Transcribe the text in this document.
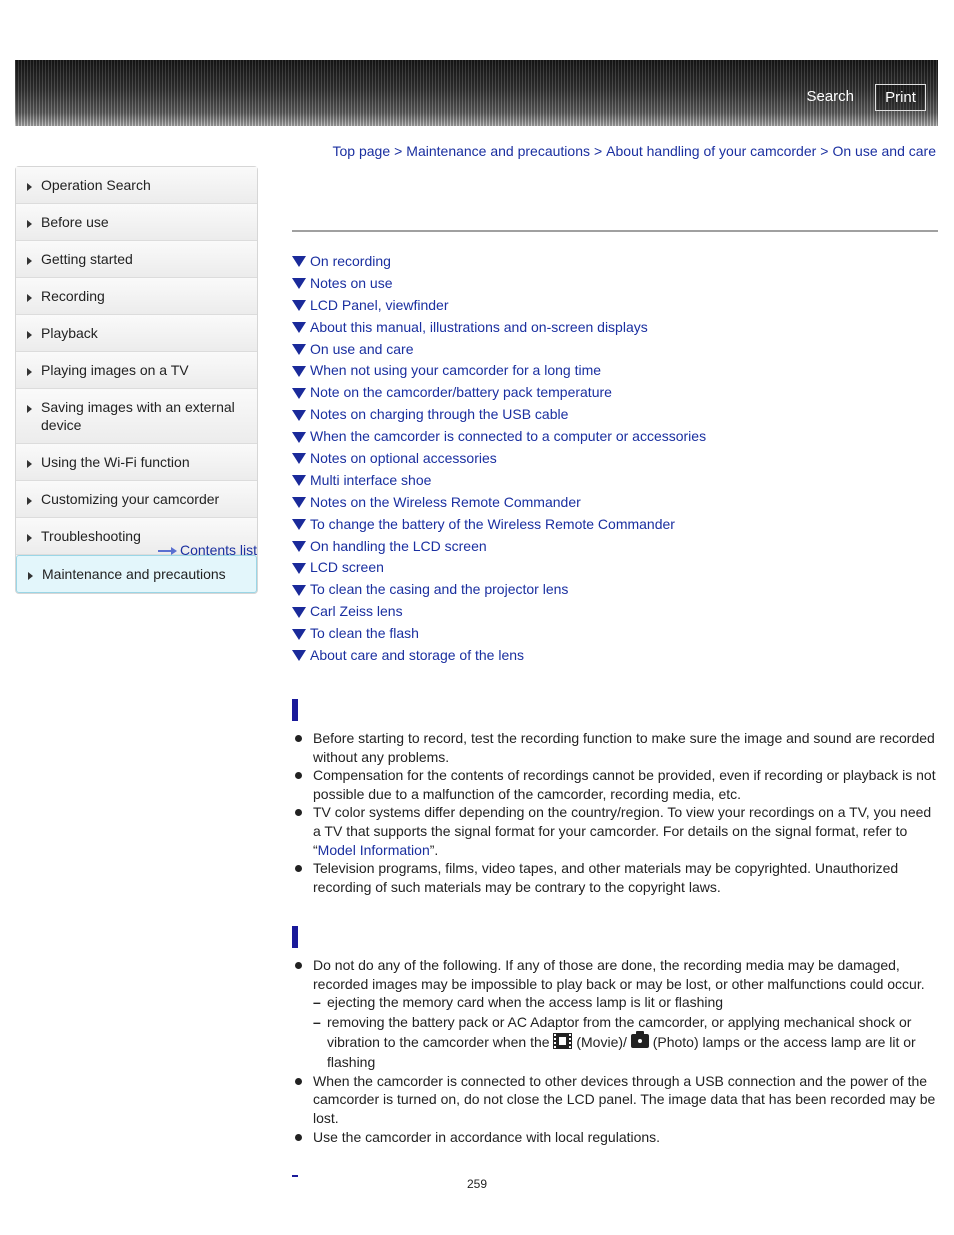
Search	Print
Top page > Maintenance and precautions > About handling of your camcorder > On use and care
Operation Search
Before use
Getting started
Recording
Playback
Playing images on a TV
Saving images with an external device
Using the Wi-Fi function
Customizing your camcorder
Troubleshooting
Maintenance and precautions
Contents list
On recording
Notes on use
LCD Panel, viewfinder
About this manual, illustrations and on-screen displays
On use and care
When not using your camcorder for a long time
Note on the camcorder/battery pack temperature
Notes on charging through the USB cable
When the camcorder is connected to a computer or accessories
Notes on optional accessories
Multi interface shoe
Notes on the Wireless Remote Commander
To change the battery of the Wireless Remote Commander
On handling the LCD screen
LCD screen
To clean the casing and the projector lens
Carl Zeiss lens
To clean the flash
About care and storage of the lens
Before starting to record, test the recording function to make sure the image and sound are recorded without any problems.
Compensation for the contents of recordings cannot be provided, even if recording or playback is not possible due to a malfunction of the camcorder, recording media, etc.
TV color systems differ depending on the country/region. To view your recordings on a TV, you need a TV that supports the signal format for your camcorder. For details on the signal format, refer to “Model Information”.
Television programs, films, video tapes, and other materials may be copyrighted. Unauthorized recording of such materials may be contrary to the copyright laws.
Do not do any of the following. If any of those are done, the recording media may be damaged, recorded images may be impossible to play back or may be lost, or other malfunctions could occur.
– ejecting the memory card when the access lamp is lit or flashing
– removing the battery pack or AC Adaptor from the camcorder, or applying mechanical shock or vibration to the camcorder when the (Movie)/ (Photo) lamps or the access lamp are lit or flashing
When the camcorder is connected to other devices through a USB connection and the power of the camcorder is turned on, do not close the LCD panel. The image data that has been recorded may be lost.
Use the camcorder in accordance with local regulations.
259
